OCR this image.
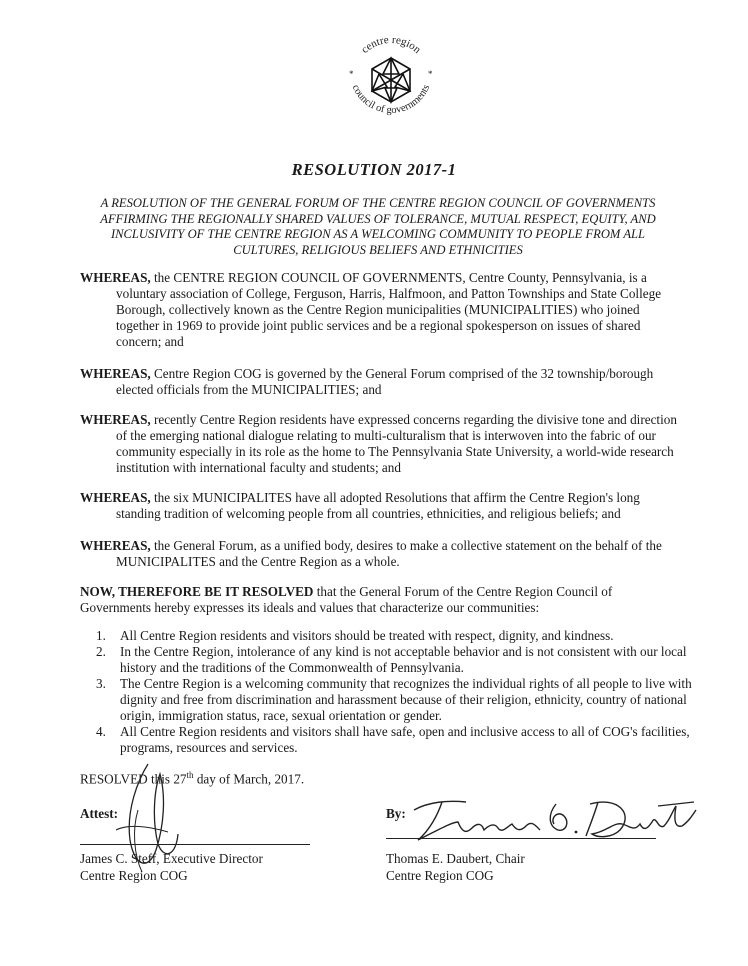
centre region
council of governments
*	*
RESOLUTION 2017-1
A RESOLUTION OF THE GENERAL FORUM OF THE CENTRE REGION COUNCIL OF GOVERNMENTS
AFFIRMING THE REGIONALLY SHARED VALUES OF TOLERANCE, MUTUAL RESPECT, EQUITY, AND
INCLUSIVITY OF THE CENTRE REGION AS A WELCOMING COMMUNITY TO PEOPLE FROM ALL
CULTURES, RELIGIOUS BELIEFS AND ETHNICITIES
WHEREAS, the CENTRE REGION COUNCIL OF GOVERNMENTS, Centre County, Pennsylvania, is a voluntary association of College, Ferguson, Harris, Halfmoon, and Patton Townships and State College Borough, collectively known as the Centre Region municipalities (MUNICIPALITIES) who joined together in 1969 to provide joint public services and be a regional spokesperson on issues of shared concern; and
WHEREAS, Centre Region COG is governed by the General Forum comprised of the 32 township/borough elected officials from the MUNICIPALITIES; and
WHEREAS, recently Centre Region residents have expressed concerns regarding the divisive tone and direction of the emerging national dialogue relating to multi-culturalism that is interwoven into the fabric of our community especially in its role as the home to The Pennsylvania State University, a world-wide research institution with international faculty and students; and
WHEREAS, the six MUNICIPALITES have all adopted Resolutions that affirm the Centre Region's long standing tradition of welcoming people from all countries, ethnicities, and religious beliefs; and
WHEREAS, the General Forum, as a unified body, desires to make a collective statement on the behalf of the MUNICIPALITES and the Centre Region as a whole.
NOW, THEREFORE BE IT RESOLVED that the General Forum of the Centre Region Council of Governments hereby expresses its ideals and values that characterize our communities:
1. All Centre Region residents and visitors should be treated with respect, dignity, and kindness.
2. In the Centre Region, intolerance of any kind is not acceptable behavior and is not consistent with our local history and the traditions of the Commonwealth of Pennsylvania.
3. The Centre Region is a welcoming community that recognizes the individual rights of all people to live with dignity and free from discrimination and harassment because of their religion, ethnicity, country of national origin, immigration status, race, sexual orientation or gender.
4. All Centre Region residents and visitors shall have safe, open and inclusive access to all of COG's facilities, programs, resources and services.
RESOLVED this 27th day of March, 2017.
Attest:	By:
James C. Steff, Executive Director
Centre Region COG
Thomas E. Daubert, Chair
Centre Region COG
